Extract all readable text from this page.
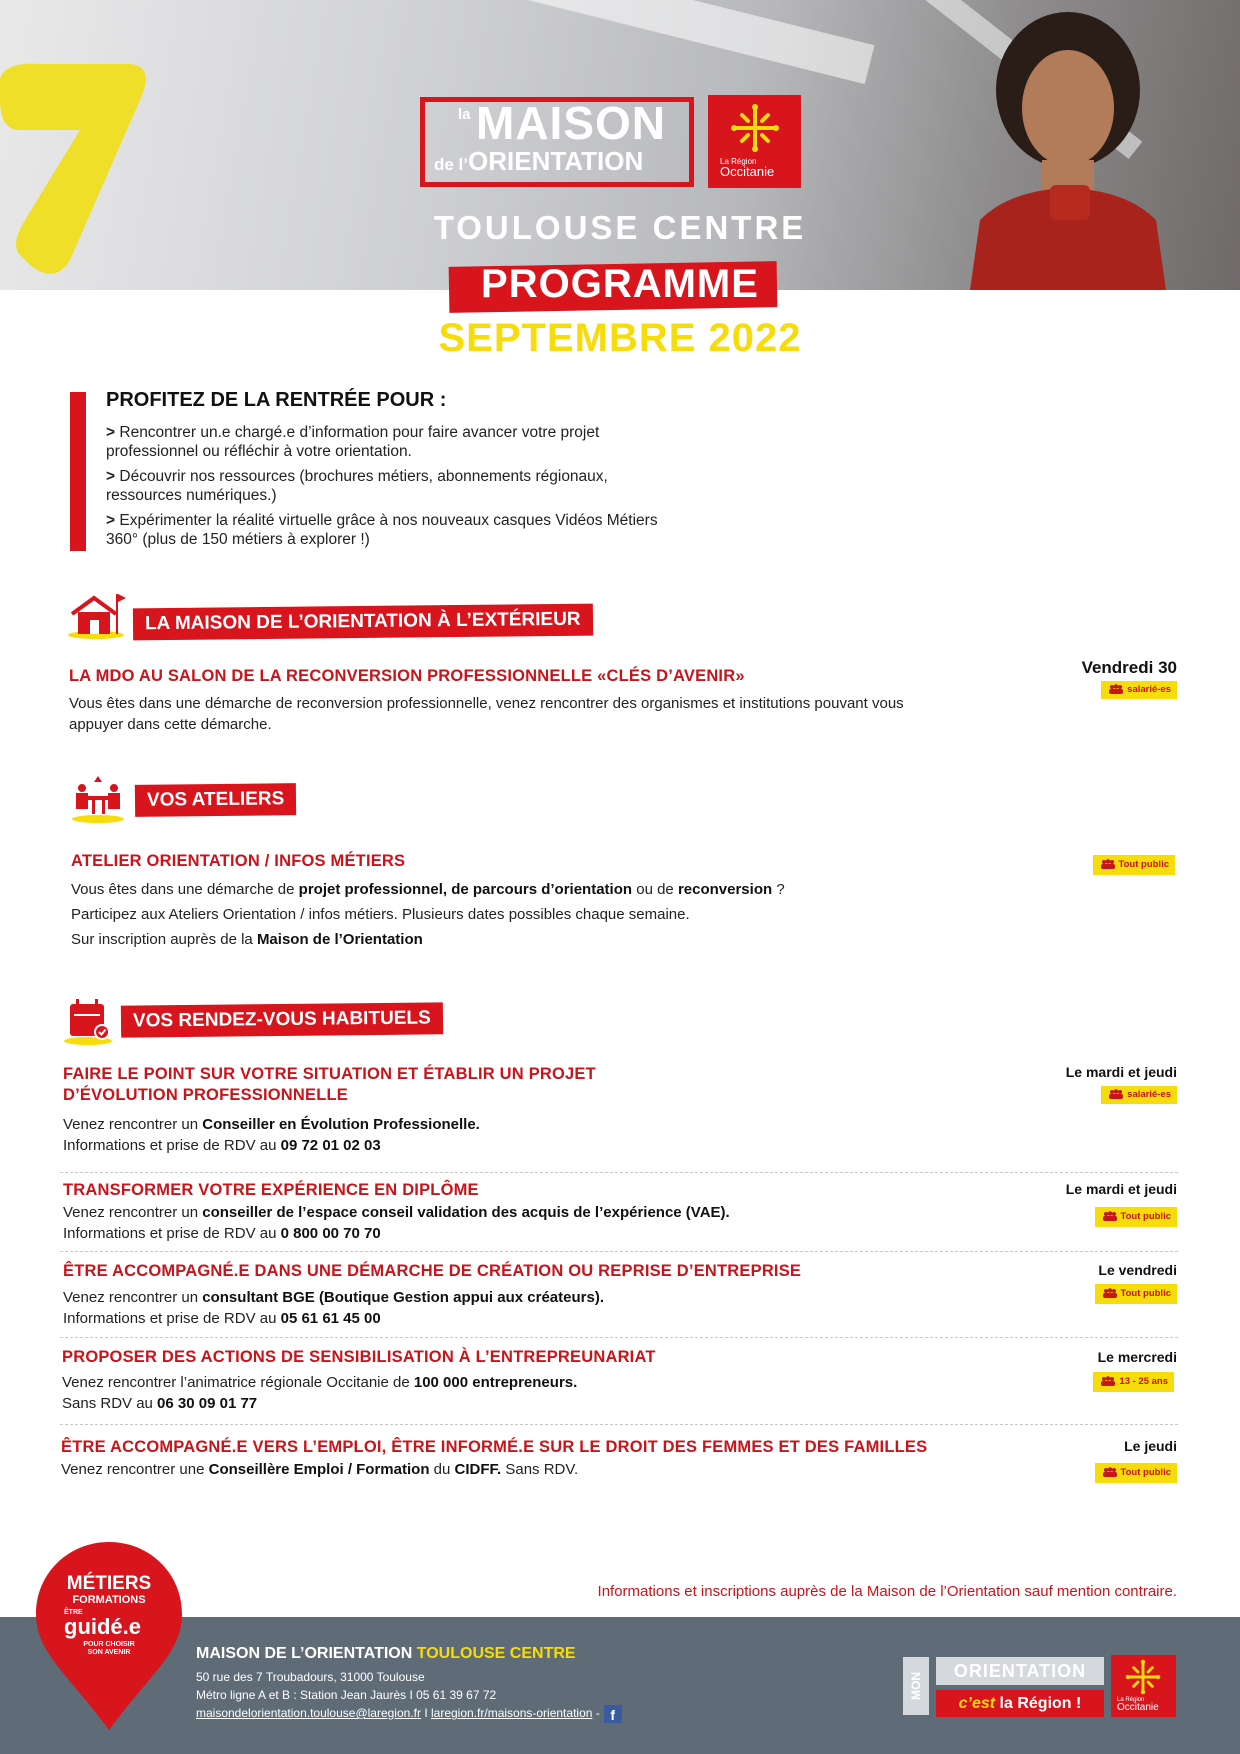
la MAISON
de l’ORIENTATION	La Région
Occitanie
TOULOUSE CENTRE
PROGRAMME
SEPTEMBRE 2022
PROFITEZ DE LA RENTRÉE POUR :

> Rencontrer un.e chargé.e d’information pour faire avancer votre projet professionnel ou réfléchir à votre orientation.

> Découvrir nos ressources (brochures métiers, abonnements régionaux, ressources numériques.)

> Expérimenter la réalité virtuelle grâce à nos nouveaux casques Vidéos Métiers 360° (plus de 150 métiers à explorer !)

LA MAISON DE L’ORIENTATION À L’EXTÉRIEUR
LA MDO AU SALON DE LA RECONVERSION PROFESSIONNELLE «CLÉS D’AVENIR»
Vous êtes dans une démarche de reconversion professionnelle, venez rencontrer des organismes et institutions pouvant vous appuyer dans cette démarche.
Vendredi 30
salarié-es
VOS ATELIERS
ATELIER ORIENTATION / INFOS MÉTIERS
Vous êtes dans une démarche de projet professionnel, de parcours d’orientation ou de reconversion ?
Participez aux Ateliers Orientation / infos métiers. Plusieurs dates possibles chaque semaine.
Sur inscription auprès de la Maison de l’Orientation
Tout public
VOS RENDEZ-VOUS HABITUELS
FAIRE LE POINT SUR VOTRE SITUATION ET ÉTABLIR UN PROJET
D’ÉVOLUTION PROFESSIONNELLE
Venez rencontrer un Conseiller en Évolution Professionelle.
Informations et prise de RDV au 09 72 01 02 03
Le mardi et jeudi
salarié-es
TRANSFORMER VOTRE EXPÉRIENCE EN DIPLÔME
Venez rencontrer un conseiller de l’espace conseil validation des acquis de l’expérience (VAE).
Informations et prise de RDV au 0 800 00 70 70
Le mardi et jeudi
Tout public
ÊTRE ACCOMPAGNÉ.E DANS UNE DÉMARCHE DE CRÉATION OU REPRISE D’ENTREPRISE
Venez rencontrer un consultant BGE (Boutique Gestion appui aux créateurs).
Informations et prise de RDV au 05 61 61 45 00
Le vendredi
Tout public
PROPOSER DES ACTIONS DE SENSIBILISATION À L’ENTREPREUNARIAT
Venez rencontrer l’animatrice régionale Occitanie de 100 000 entrepreneurs.
Sans RDV au 06 30 09 01 77
Le mercredi
13 - 25 ans
ÊTRE ACCOMPAGNÉ.E VERS L’EMPLOI, ÊTRE INFORMÉ.E SUR LE DROIT DES FEMMES ET DES FAMILLES
Venez rencontrer une Conseillère Emploi / Formation du CIDFF. Sans RDV.
Le jeudi
Tout public
Informations et inscriptions auprès de la Maison de l’Orientation sauf mention contraire.
MÉTIERS
FORMATIONS
ÊTRE
guidé.e
POUR CHOISIR
SON AVENIR	MAISON DE L’ORIENTATION TOULOUSE CENTRE
50 rue des 7 Troubadours, 31000 Toulouse
Métro ligne A et B : Station Jean Jaurès I 05 61 39 67 72
maisondelorientation.toulouse@laregion.fr I laregion.fr/maisons-orientation - f
MON
ORIENTATION
c’est la Région !	La Région
Occitanie
